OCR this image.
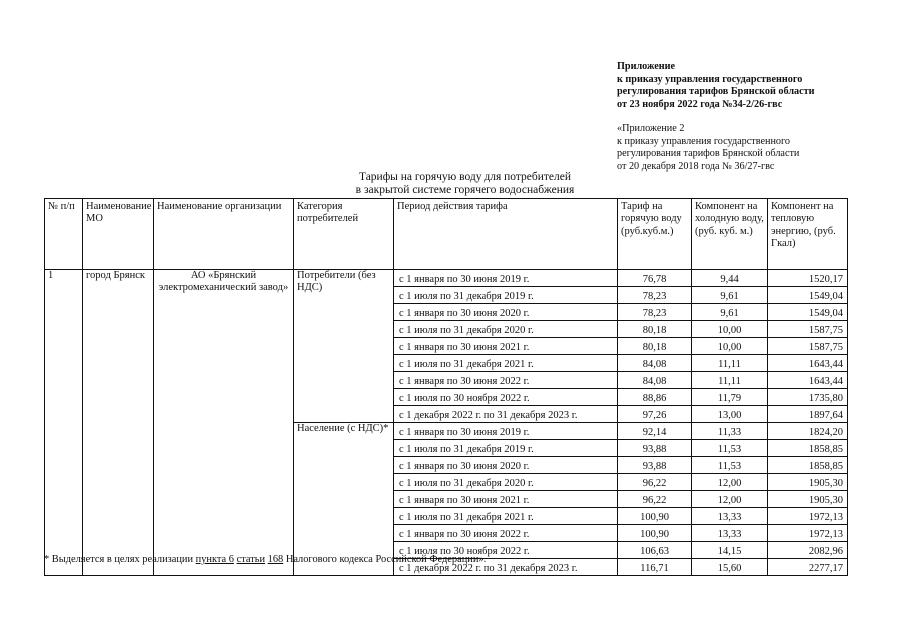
Приложение
к приказу управления государственного
регулирования тарифов Брянской области
от 23 ноября 2022 года №34-2/26-гвс
«Приложение 2
к приказу управления государственного
регулирования тарифов Брянской области
от 20 декабря 2018 года № 36/27-гвс
Тарифы на горячую воду для потребителей
в закрытой системе горячего водоснабжения
№ п/п	Наименование МО	Наименование организации	Категория потребителей	Период действия тарифа	Тариф на горячую воду (руб.куб.м.)	Компонент на холодную воду, (руб. куб. м.)	Компонент на тепловую энергию, (руб. Гкал)
1	город Брянск	АО «Брянский электромеханический завод»	Потребители (без НДС)	с 1 января по 30 июня 2019 г.	76,78	9,44	1520,17
				с 1 июля по 31 декабря 2019 г.	78,23	9,61	1549,04
				с 1 января по 30 июня 2020 г.	78,23	9,61	1549,04
				с 1 июля по 31 декабря 2020 г.	80,18	10,00	1587,75
				с 1 января по 30 июня 2021 г.	80,18	10,00	1587,75
				с 1 июля по 31 декабря 2021 г.	84,08	11,11	1643,44
				с 1 января по 30 июня 2022 г.	84,08	11,11	1643,44
				с 1 июля по 30 ноября 2022 г.	88,86	11,79	1735,80
				с 1 декабря 2022 г. по 31 декабря 2023 г.	97,26	13,00	1897,64
			Население (с НДС)*	с 1 января по 30 июня 2019 г.	92,14	11,33	1824,20
				с 1 июля по 31 декабря 2019 г.	93,88	11,53	1858,85
				с 1 января по 30 июня 2020 г.	93,88	11,53	1858,85
				с 1 июля по 31 декабря 2020 г.	96,22	12,00	1905,30
				с 1 января по 30 июня 2021 г.	96,22	12,00	1905,30
				с 1 июля по 31 декабря 2021 г.	100,90	13,33	1972,13
				с 1 января по 30 июня 2022 г.	100,90	13,33	1972,13
				с 1 июля по 30 ноября 2022 г.	106,63	14,15	2082,96
				с 1 декабря 2022 г. по 31 декабря 2023 г.	116,71	15,60	2277,17
* Выделяется в целях реализации пункта 6 статьи 168 Налогового кодекса Российской Федерации».
